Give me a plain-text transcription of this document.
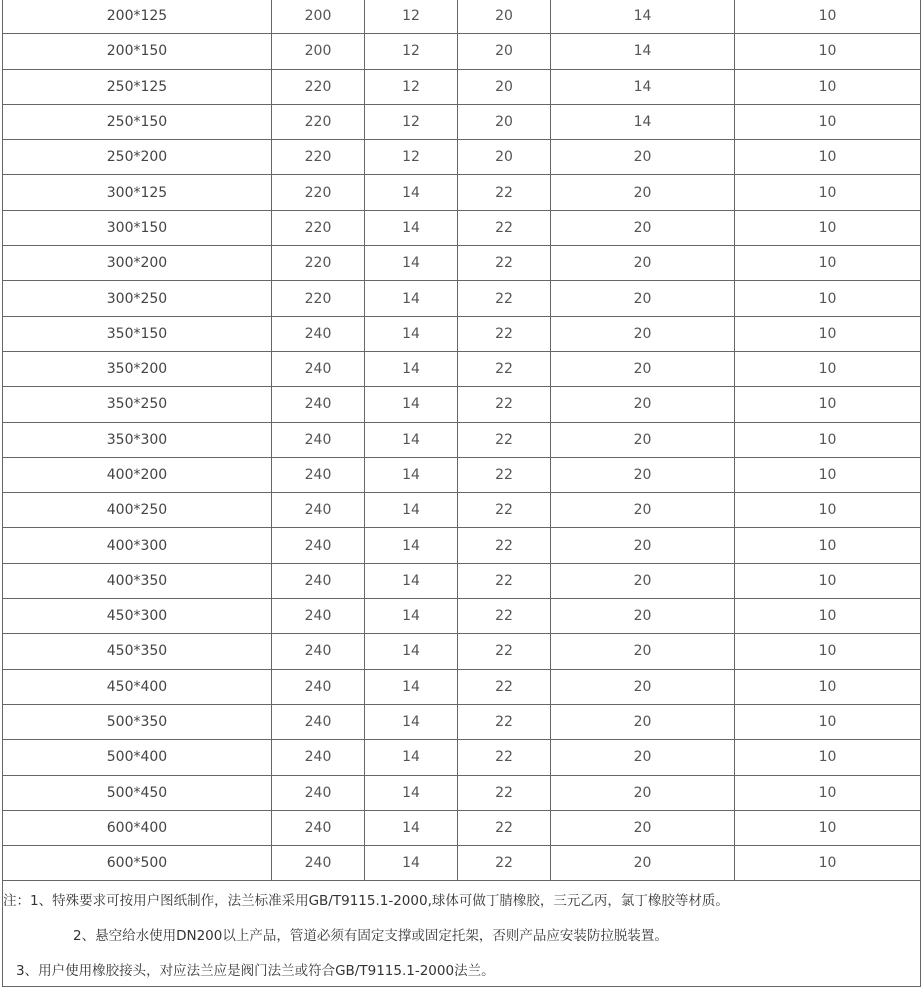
200*125	200	12	20	14	10
200*150	200	12	20	14	10
250*125	220	12	20	14	10
250*150	220	12	20	14	10
250*200	220	12	20	20	10
300*125	220	14	22	20	10
300*150	220	14	22	20	10
300*200	220	14	22	20	10
300*250	220	14	22	20	10
350*150	240	14	22	20	10
350*200	240	14	22	20	10
350*250	240	14	22	20	10
350*300	240	14	22	20	10
400*200	240	14	22	20	10
400*250	240	14	22	20	10
400*300	240	14	22	20	10
400*350	240	14	22	20	10
450*300	240	14	22	20	10
450*350	240	14	22	20	10
450*400	240	14	22	20	10
500*350	240	14	22	20	10
500*400	240	14	22	20	10
500*450	240	14	22	20	10
600*400	240	14	22	20	10
600*500	240	14	22	20	10
注：1、特殊要求可按用户图纸制作，法兰标准采用GB/T9115.1-2000,球体可做丁腈橡胶，三元乙丙，氯丁橡胶等材质。					
2、悬空给水使用DN200以上产品，管道必须有固定支撑或固定托架，否则产品应安装防拉脱装置。					
3、用户使用橡胶接头，对应法兰应是阀门法兰或符合GB/T9115.1-2000法兰。					
